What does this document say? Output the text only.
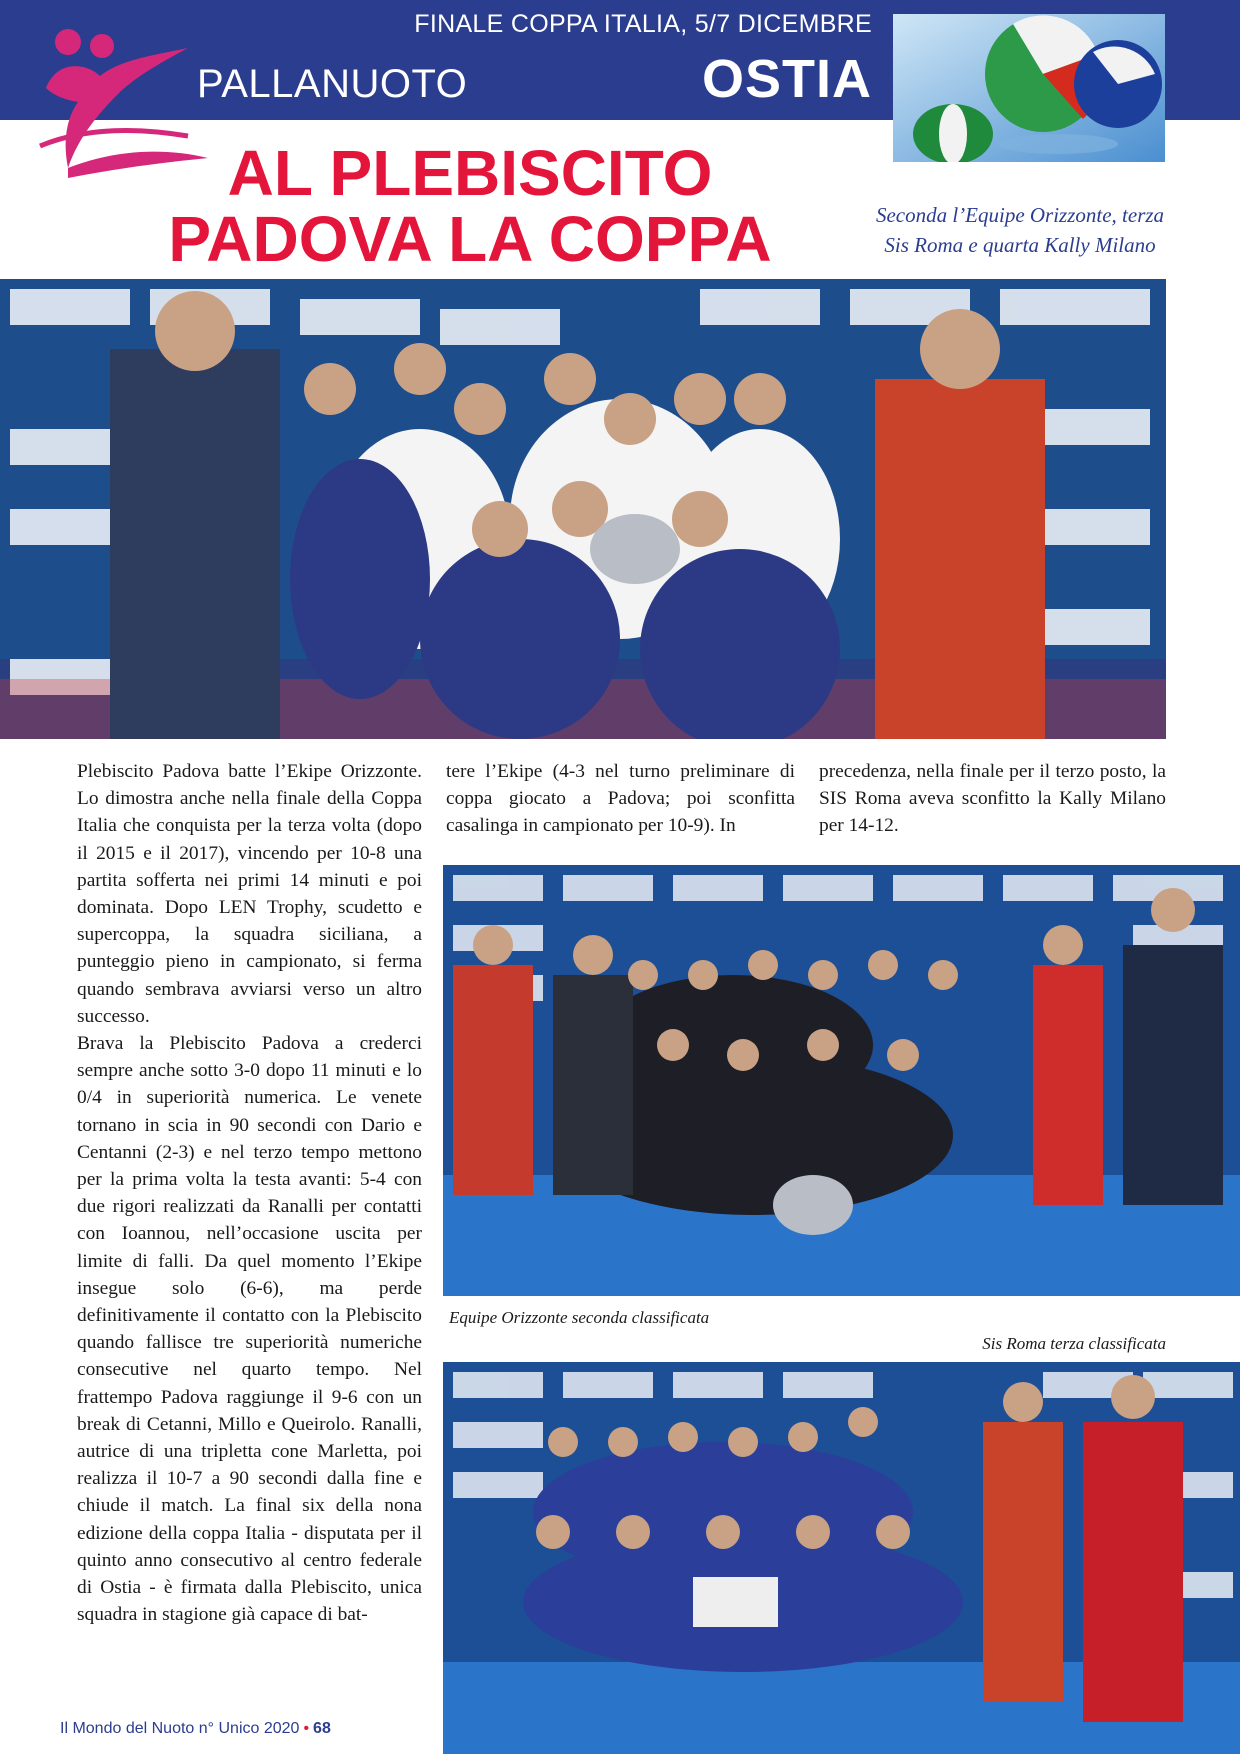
PALLANUOTO
FINALE COPPA ITALIA, 5/7 DICEMBRE
OSTIA
AL PLEBISCITO
PADOVA LA COPPA	Seconda l’Equipe Orizzonte, terza
Sis Roma e quarta Kally Milano

Plebiscito Padova batte l’Ekipe Orizzonte. Lo dimostra anche nella finale della Coppa Italia che conquista per la terza volta (dopo il 2015 e il 2017), vincendo per 10-8 una partita sofferta nei primi 14 minuti e poi dominata. Dopo LEN Trophy, scudetto e supercoppa, la squadra siciliana, a punteggio pieno in campionato, si ferma quando sembrava avviarsi verso un altro successo.

Brava la Plebiscito Padova a crederci sempre anche sotto 3-0 dopo 11 minuti e lo 0/4 in superiorità numerica. Le venete tornano in scia in 90 secondi con Dario e Centanni (2-3) e nel terzo tempo mettono per la prima volta la testa avanti: 5-4 con due rigori realizzati da Ranalli per contatti con Ioannou, nell’occasione uscita per limite di falli. Da quel momento l’Ekipe insegue solo (6-6), ma perde definitivamente il contatto con la Plebiscito quando fallisce tre superiorità numeriche consecutive nel quarto tempo. Nel frattempo Padova raggiunge il 9-6 con un break di Cetanni, Millo e Queirolo. Ranalli, autrice di una tripletta cone Marletta, poi realizza il 10-7 a 90 secondi dalla fine e chiude il match. La final six della nona edizione della coppa Italia - disputata per il quinto anno consecutivo al centro federale di Ostia - è firmata dalla Plebiscito, unica squadra in stagione già capace di bat-

tere l’Ekipe (4-3 nel turno preliminare di coppa giocato a Padova; poi sconfitta casalinga in campionato per 10-9). In

precedenza, nella finale per il terzo posto, la SIS Roma aveva sconfitto la Kally Milano per 14-12.

Equipe Orizzonte seconda classificata
Sis Roma terza classificata
Il Mondo del Nuoto n° Unico 2020 • 68
